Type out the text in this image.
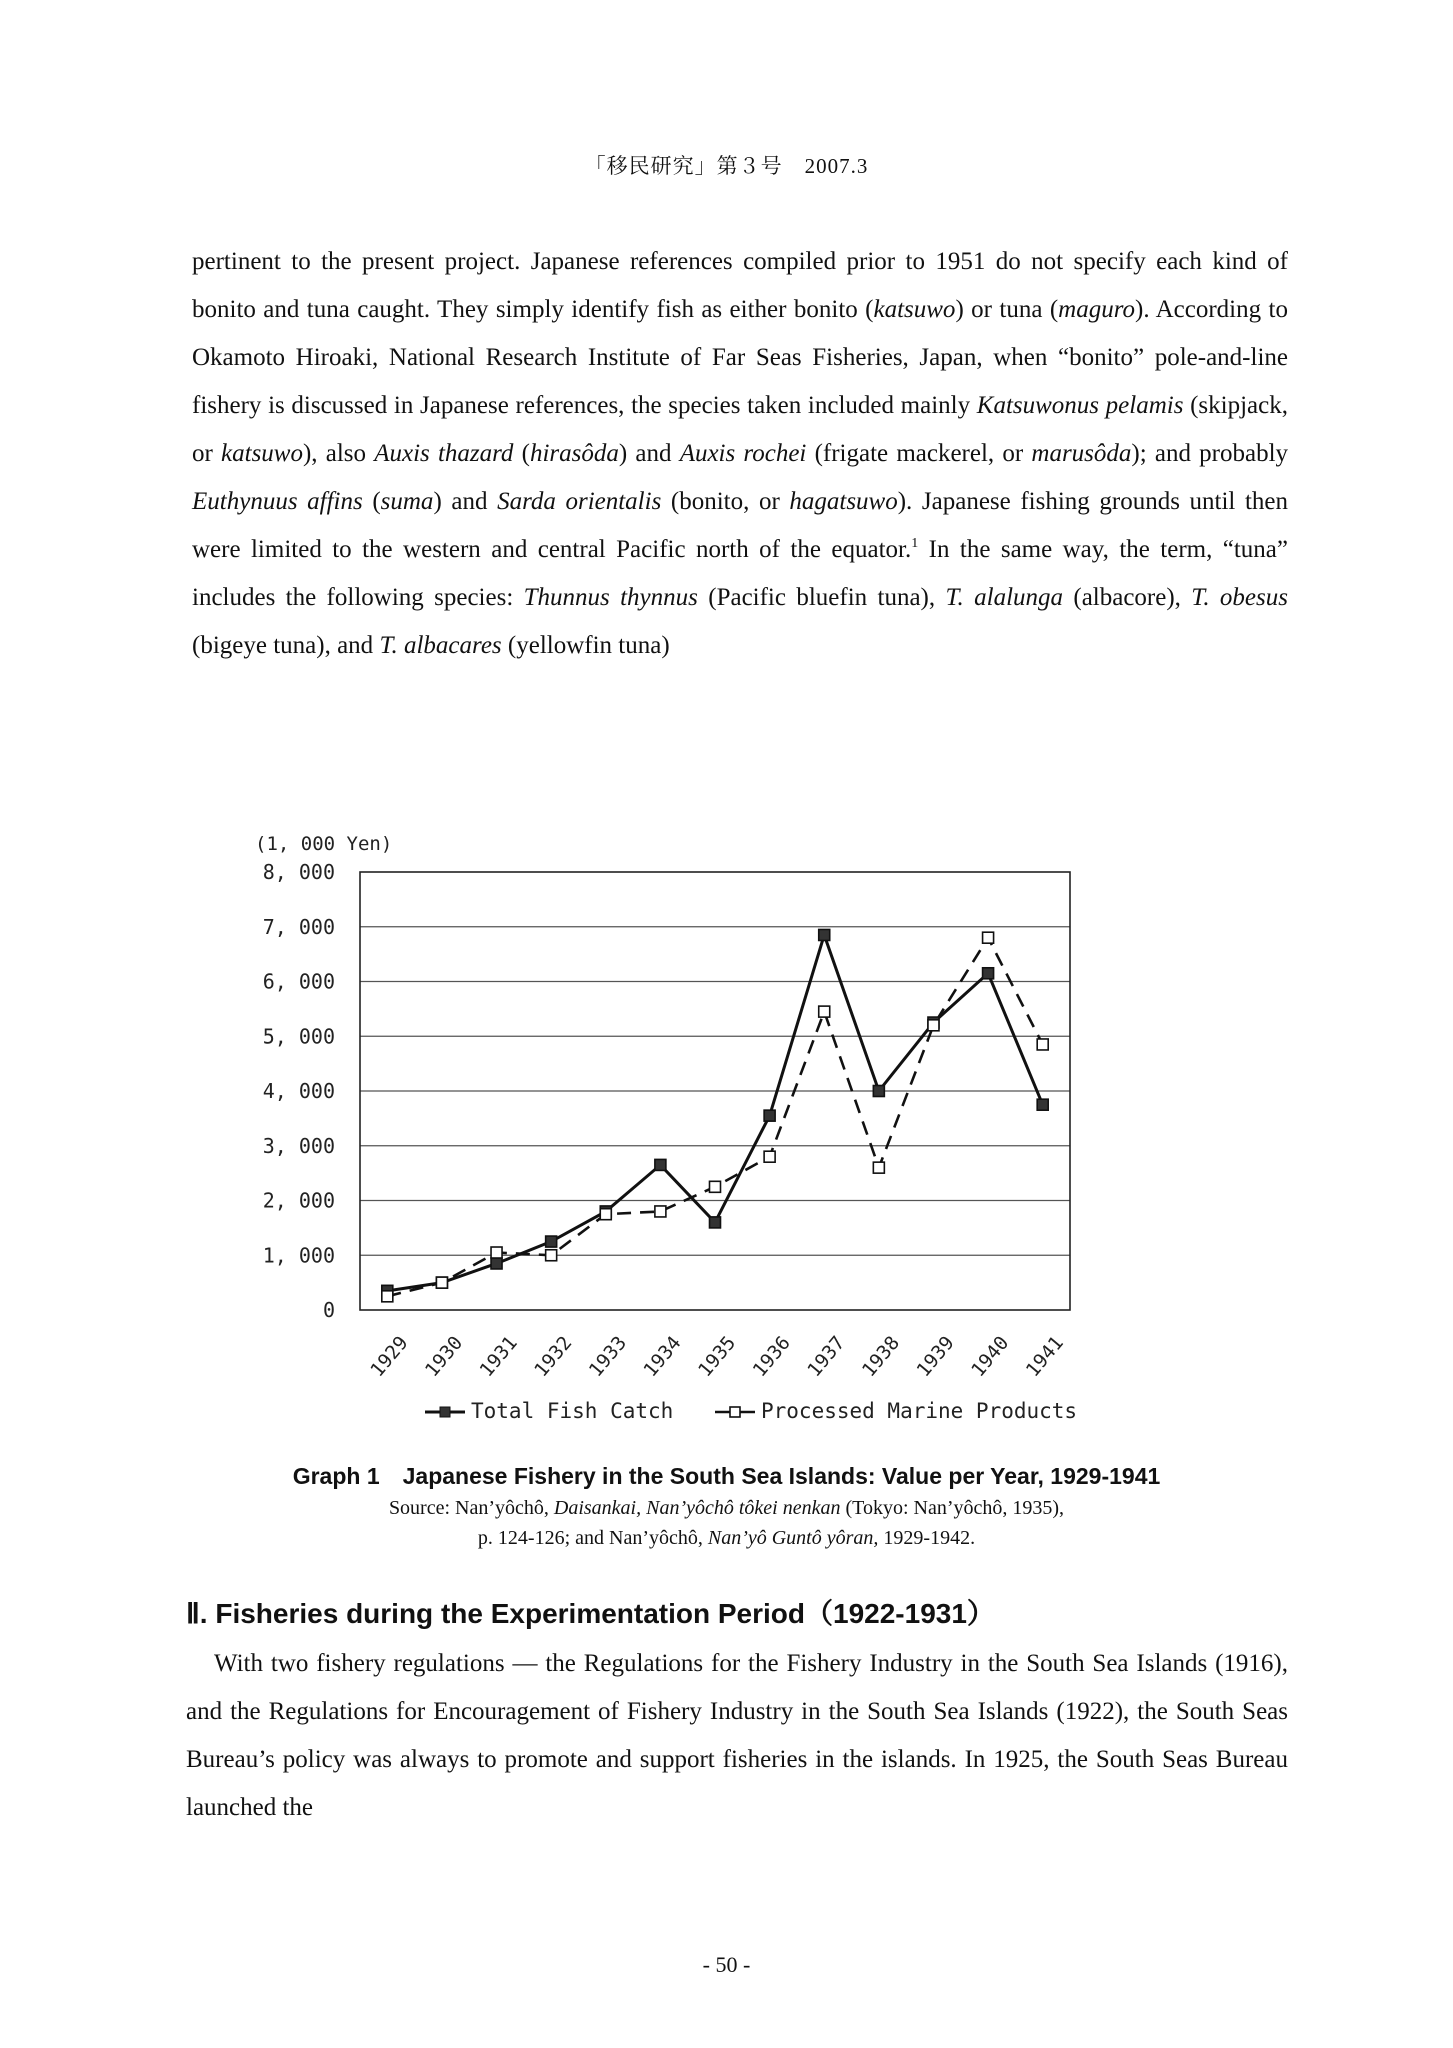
「移民研究」第３号　2007.3

pertinent to the present project. Japanese references compiled prior to 1951 do not specify each kind of bonito and tuna caught. They simply identify fish as either bonito (katsuwo) or tuna (maguro). According to Okamoto Hiroaki, National Research Institute of Far Seas Fisheries, Japan, when “bonito” pole-and-line fishery is discussed in Japanese references, the species taken included mainly Katsuwonus pelamis (skipjack, or katsuwo), also Auxis thazard (hirasôda) and Auxis rochei (frigate mackerel, or marusôda); and probably Euthynuus affins (suma) and Sarda orientalis (bonito, or hagatsuwo). Japanese fishing grounds until then were limited to the western and central Pacific north of the equator.$^1$ In the same way, the term, “tuna” includes the following species: Thunnus thynnus (Pacific bluefin tuna), T. alalunga (albacore), T. obesus (bigeye tuna), and T. albacares (yellowfin tuna)

(1, 000 Yen)
0
1, 000
2, 000
3, 000
4, 000
5, 000
6, 000
7, 000
8, 000
1929 1930 1931 1932 1933 1934 1935 1936 1937 1938 1939 1940 1941
Total Fish Catch	Processed Marine Products
Graph 1　Japanese Fishery in the South Sea Islands: Value per Year, 1929-1941
Source: Nan’yôchô, Daisankai, Nan’yôchô tôkei nenkan (Tokyo: Nan’yôchô, 1935),
p. 124-126; and Nan’yôchô, Nan’yô Guntô yôran, 1929-1942.
Ⅱ. Fisheries during the Experimentation Period（1922-1931）

With two fishery regulations — the Regulations for the Fishery Industry in the South Sea Islands (1916), and the Regulations for Encouragement of Fishery Industry in the South Sea Islands (1922), the South Seas Bureau’s policy was always to promote and support fisheries in the islands. In 1925, the South Seas Bureau launched the

- 50 -
